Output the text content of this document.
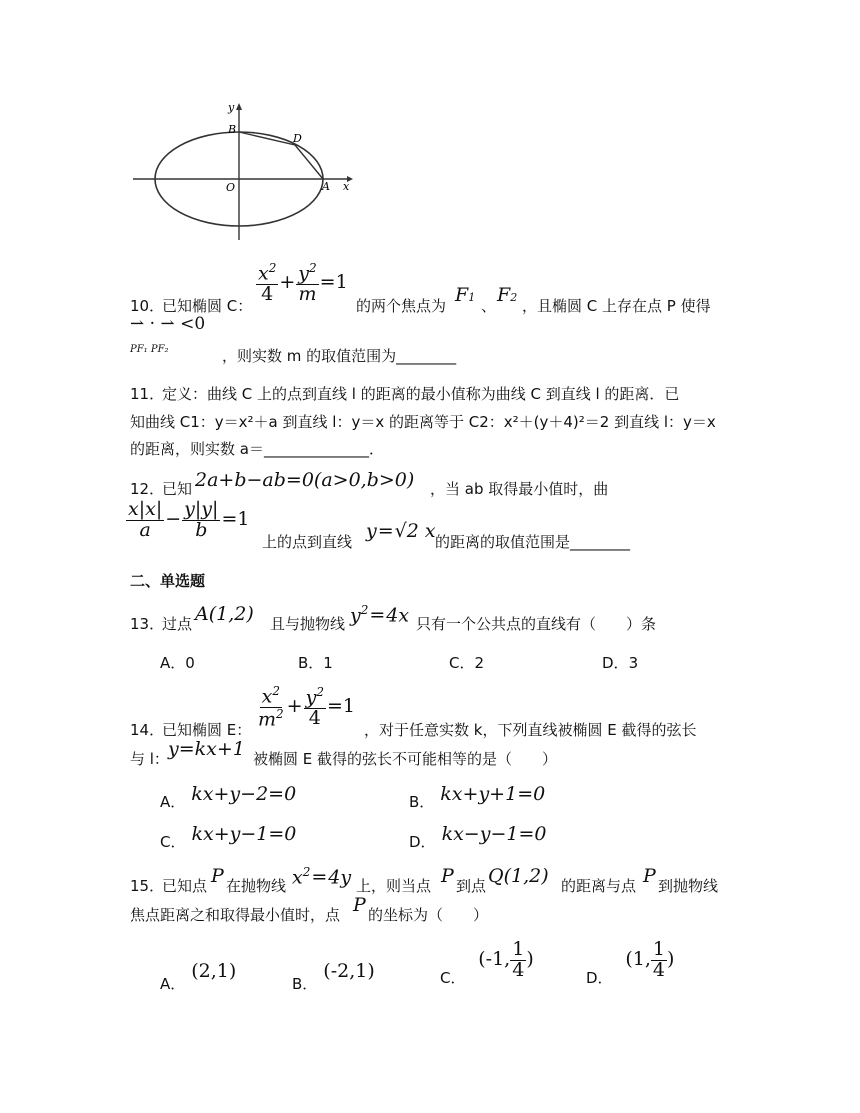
y
B
D
O	A x
10．
已知椭圆 C：
$\frac{x^2}{4} + \frac{y^2}{m} =1$
的两个焦点为 F1 、 F2 ，且椭圆 C 上存在点 P 使得
⇀ · ⇀ <0
PF₁ PF₂	，则实数 m 的取值范围为________
11．
定义：曲线 C 上的点到直线 l 的距离的最小值称为曲线 C 到直线 l 的距离．已
知曲线 C1：y＝x²＋a 到直线 l：y＝x 的距离等于 C2：x²＋(y＋4)²＝2 到直线 l：y＝x
的距离，则实数 a＝______________．
12．
已知 2a+b−ab=0(a>0,b>0) ，当 ab 取得最小值时，曲
$\frac{x|x|}{a} - \frac{y|y|}{b} =1$
上的点到直线 y=√2 x 的距离的取值范围是________
二、单选题
13．
过点 A(1,2) 且与抛物线 $y^2=4x$ 只有一个公共点的直线有（　　）条
A．0	B．1	C．2	D．3
14．
已知椭圆 E： $\frac{x^2}{m^2} + \frac{y^2}{4} =1$
，对于任意实数 k，下列直线被椭圆 E 截得的弦长
与 l： y=kx+1 被椭圆 E 截得的弦长不可能相等的是（　　）
A． kx+y−2=0	B． kx+y+1=0
C． kx+y−1=0	D． kx−y−1=0
15．
已知点 P 在抛物线 $x^2=4y$ 上，则当点 P 到点 Q(1,2) 的距离与点 P 到抛物线
焦点距离之和取得最小值时，点 P 的坐标为（　　）
A．(2,1)
B．(-2,1)	C． (-1, $\frac{1}{4}$ )
D． (1, $\frac{1}{4}$ )
